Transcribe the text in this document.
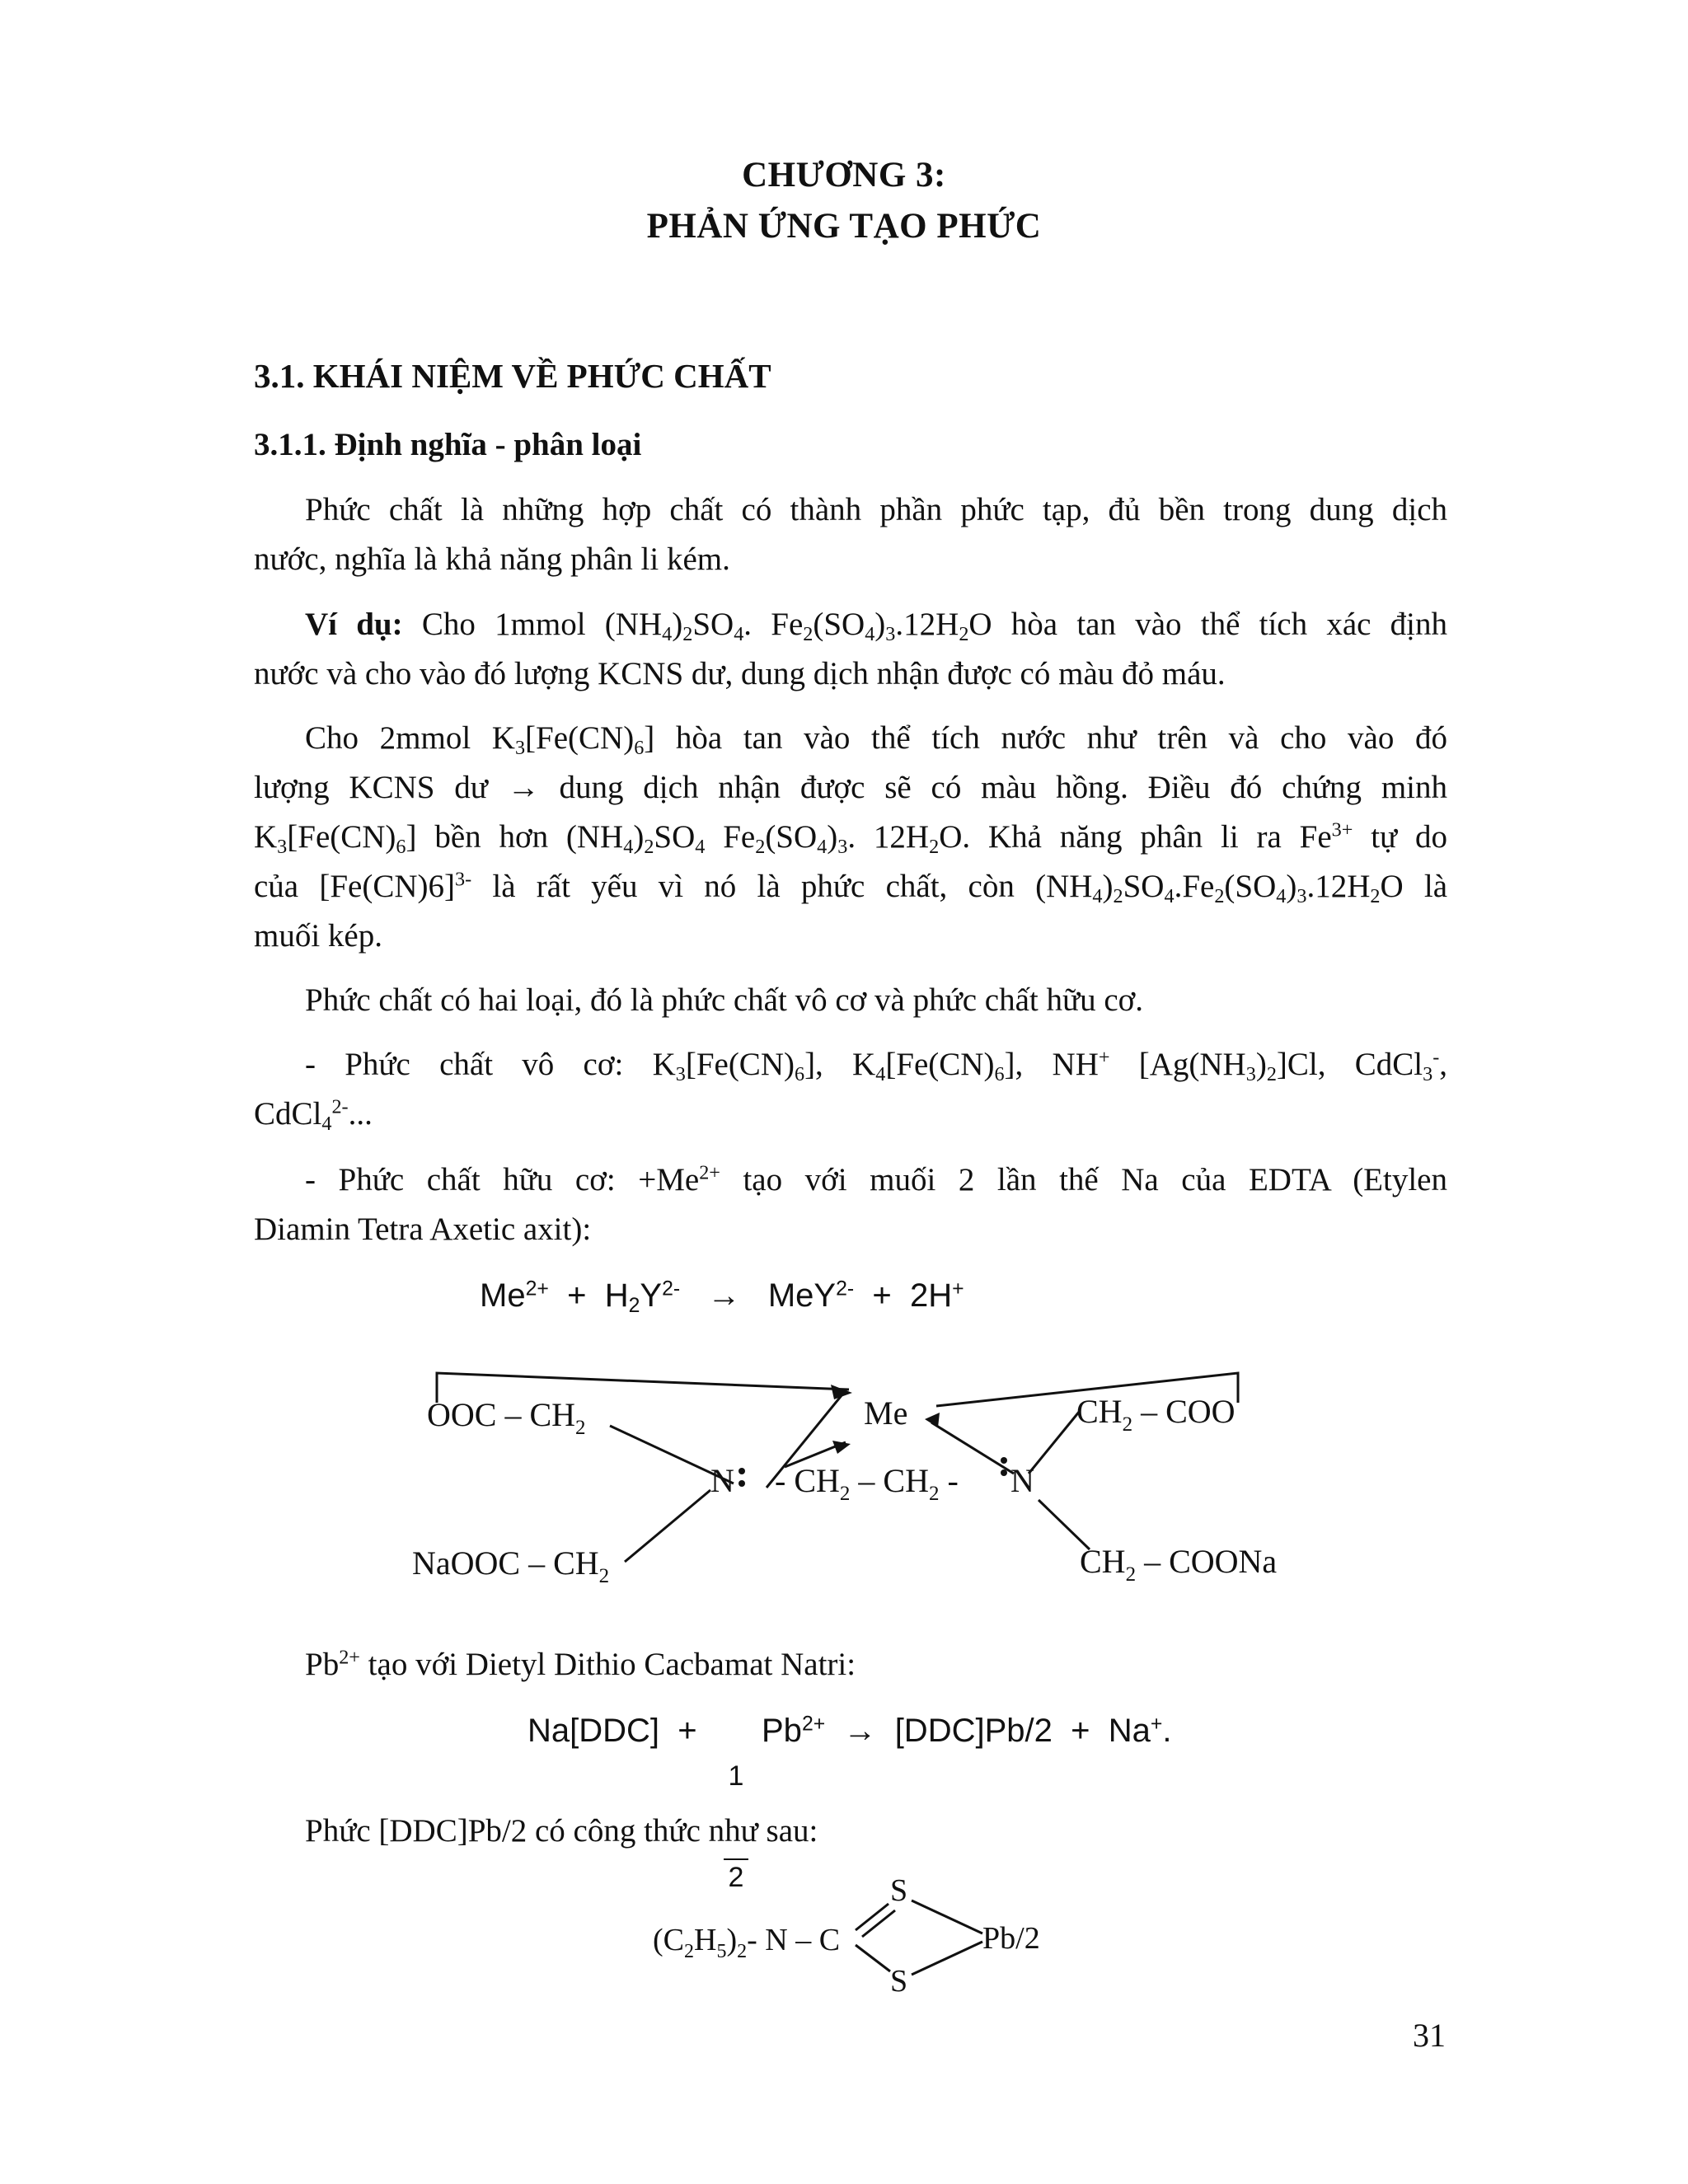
CHƯƠNG 3:
PHẢN ỨNG TẠO PHỨC
3.1. KHÁI NIỆM VỀ PHỨC CHẤT
3.1.1. Định nghĩa - phân loại
Phức chất là những hợp chất có thành phần phức tạp, đủ bền trong dung dịch
nước, nghĩa là khả năng phân li kém.
Ví dụ: Cho 1mmol $(NH_4)_2SO_4$. $Fe_2(SO_4)_3.12H_2O$ hòa tan vào thể tích xác định
nước và cho vào đó lượng KCNS dư, dung dịch nhận được có màu đỏ máu.
Cho 2mmol $K_3[Fe(CN)_6]$ hòa tan vào thể tích nước như trên và cho vào đó
lượng KCNS dư → dung dịch nhận được sẽ có màu hồng. Điều đó chứng minh
$K_3[Fe(CN)_6]$ bền hơn $(NH_4)_2SO_4$ $Fe_2(SO_4)_3$. $12H_2O$. Khả năng phân li ra $Fe^{3+}$ tự do
của $[Fe(CN)6]^{3-}$ là rất yếu vì nó là phức chất, còn $(NH_4)_2SO_4.Fe_2(SO_4)_3.12H_2O$ là
muối kép.
Phức chất có hai loại, đó là phức chất vô cơ và phức chất hữu cơ.
- Phức chất vô cơ: $K_3[Fe(CN)_6]$, $K_4[Fe(CN)_6]$, NH+ $[Ag(NH_3)_2]Cl$, CdCl$_3$-,
CdCl$_4^{2-}$...
- Phức chất hữu cơ: $+Me^{2+}$ tạo với muối 2 lần thế Na của EDTA (Etylen
Diamin Tetra Axetic axit):
$Me^{2+} + H_2Y^{2-} \to MeY^{2-} + 2H^+$
OOC – $CH_2$	Me	$CH_2$ – COO
N - $CH_2 - CH_2$ - N
NaOOC – $CH_2$	$CH_2$ – COONa
$Pb^{2+}$ tạo với Dietyl Dithio Cacbamat Natri:
Na[DDC] +

1

2

$Pb^{2+} \to [DDC]Pb/2 + Na^+$.
Phức [DDC]Pb/2 có công thức như sau:
$(C_2H_5)_2-$ N – C
S
S
Pb/2
31
